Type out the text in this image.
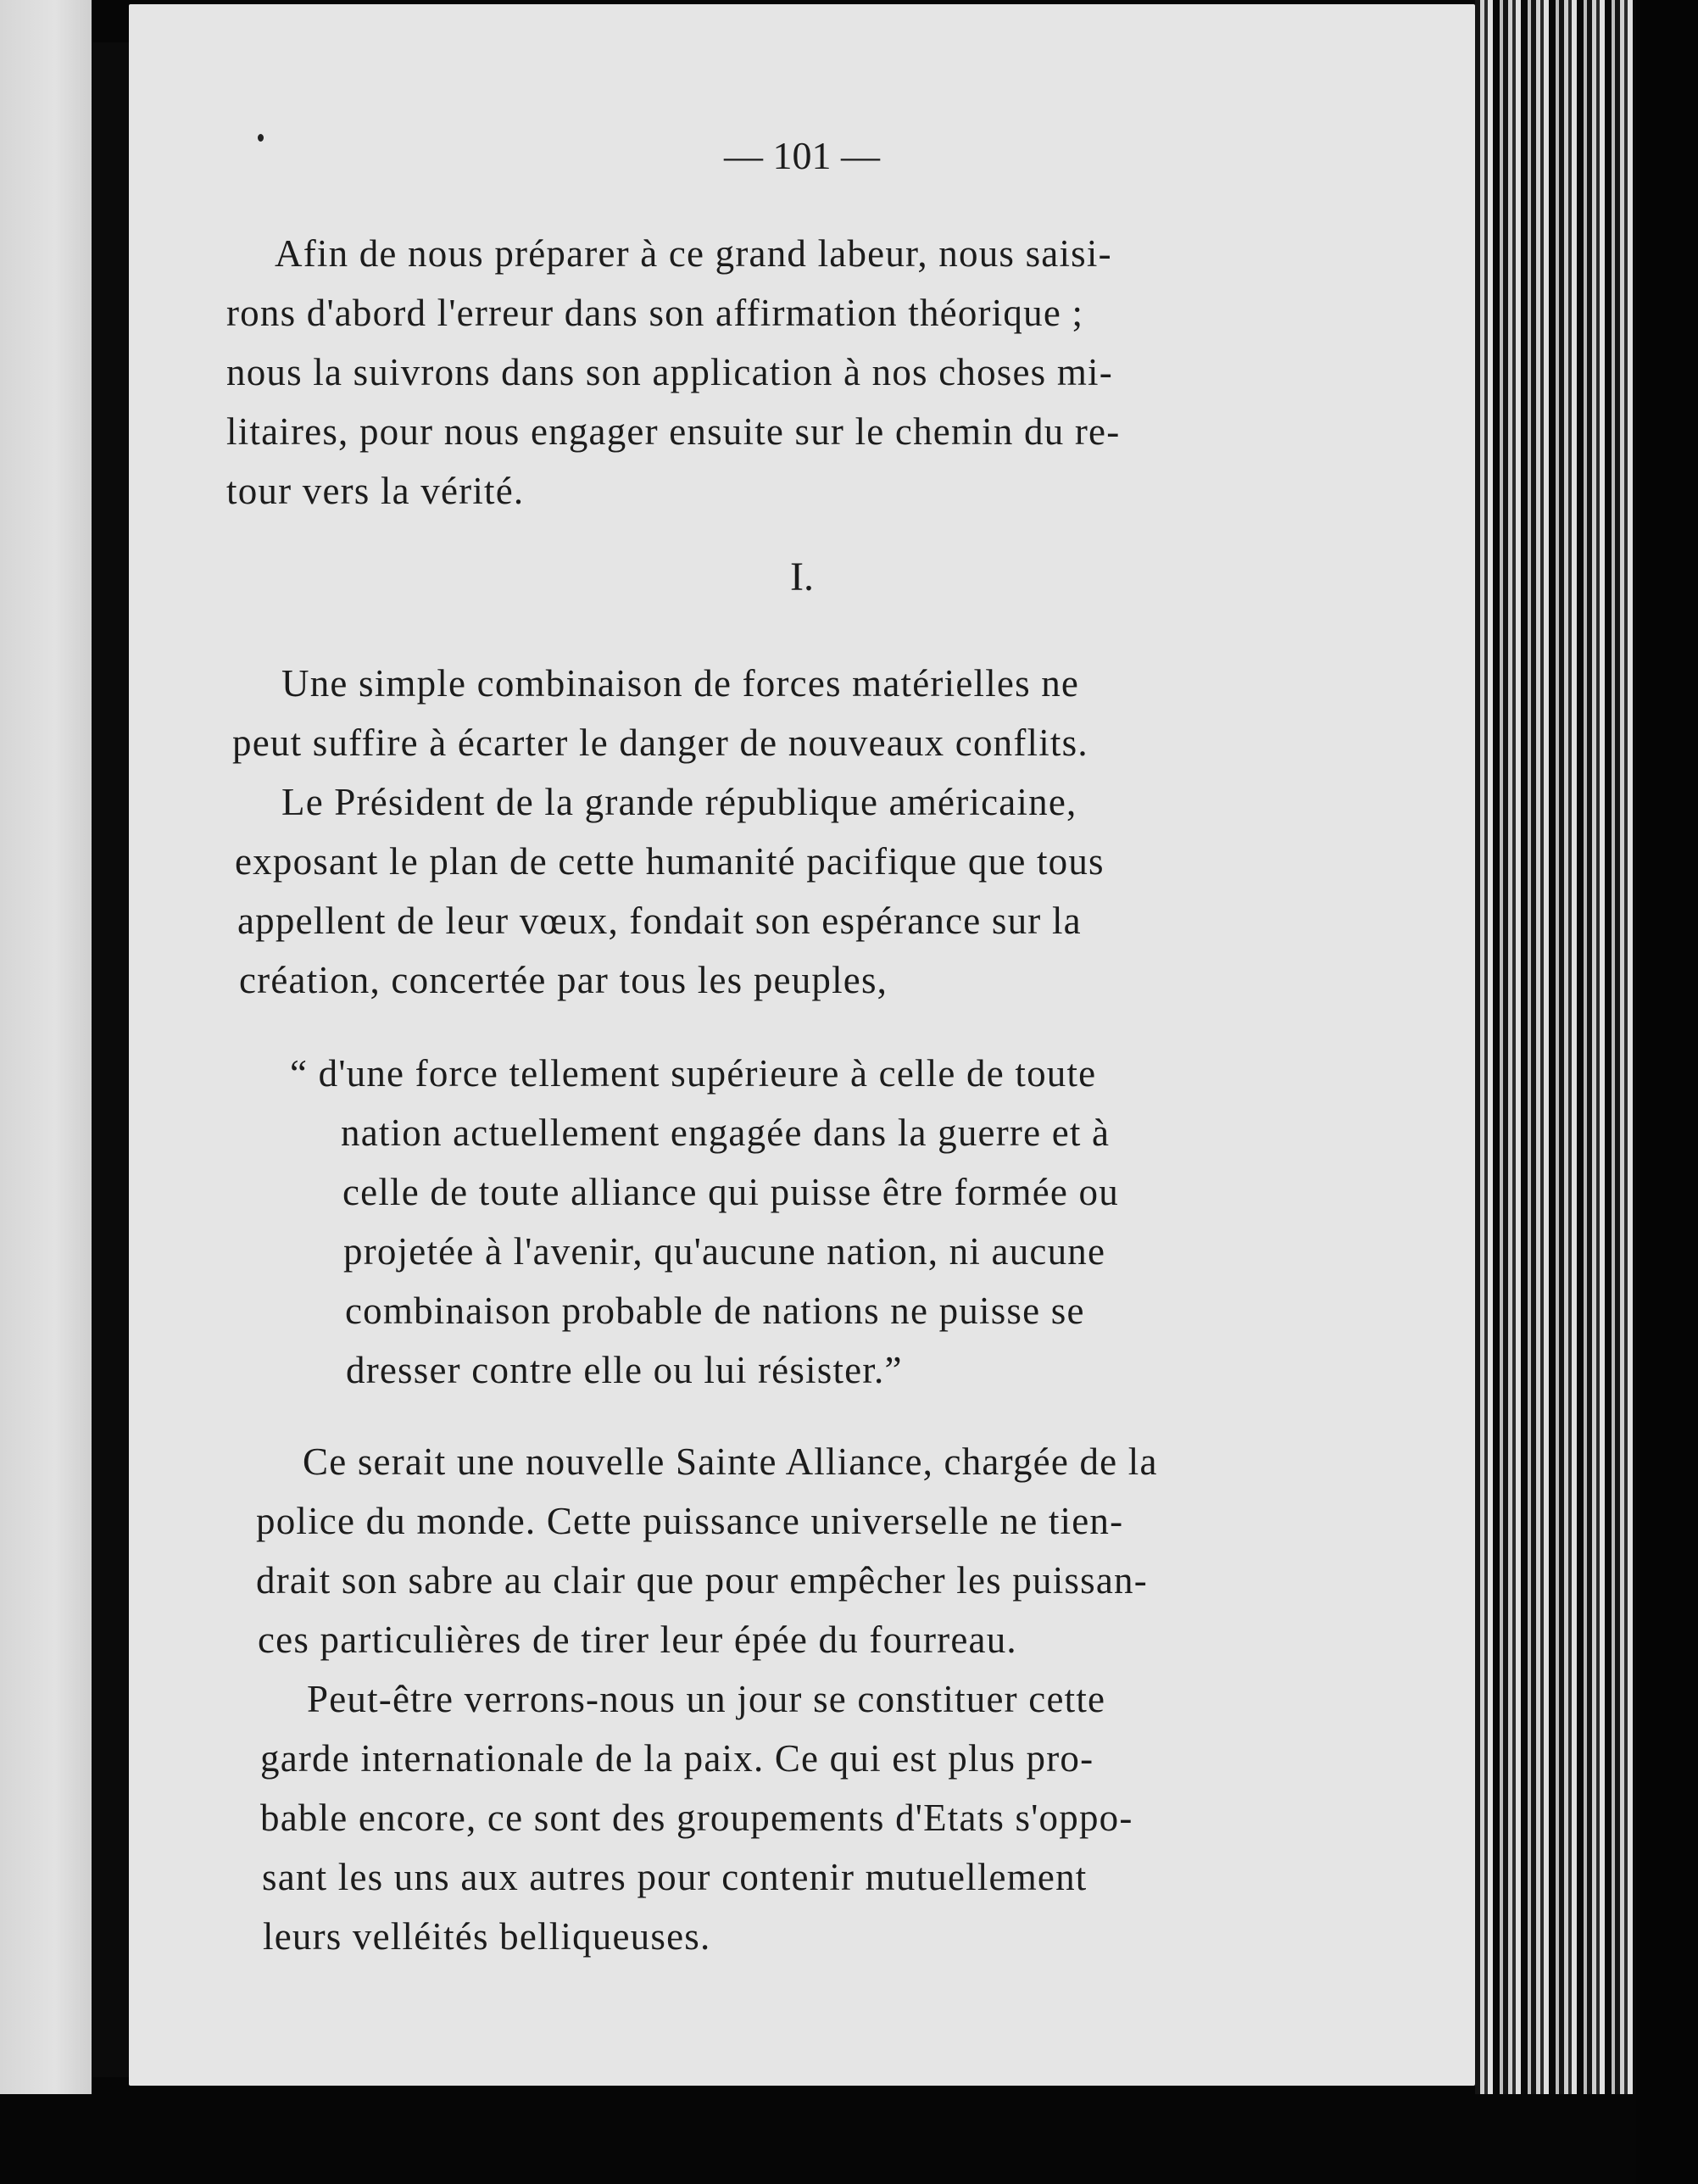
— 101 —
Afin de nous préparer à ce grand labeur, nous saisi-
rons d'abord l'erreur dans son affirmation théorique ;
nous la suivrons dans son application à nos choses mi-
litaires, pour nous engager ensuite sur le chemin du re-
tour vers la vérité.
I.
Une simple combinaison de forces matérielles ne
peut suffire à écarter le danger de nouveaux conflits.
Le Président de la grande république américaine,
exposant le plan de cette humanité pacifique que tous
appellent de leur vœux, fondait son espérance sur la
création, concertée par tous les peuples,
“ d'une force tellement supérieure à celle de toute
nation actuellement engagée dans la guerre et à
celle de toute alliance qui puisse être formée ou
projetée à l'avenir, qu'aucune nation, ni aucune
combinaison probable de nations ne puisse se
dresser contre elle ou lui résister.”
Ce serait une nouvelle Sainte Alliance, chargée de la
police du monde. Cette puissance universelle ne tien-
drait son sabre au clair que pour empêcher les puissan-
ces particulières de tirer leur épée du fourreau.
Peut-être verrons-nous un jour se constituer cette
garde internationale de la paix. Ce qui est plus pro-
bable encore, ce sont des groupements d'Etats s'oppo-
sant les uns aux autres pour contenir mutuellement
leurs velléités belliqueuses.
